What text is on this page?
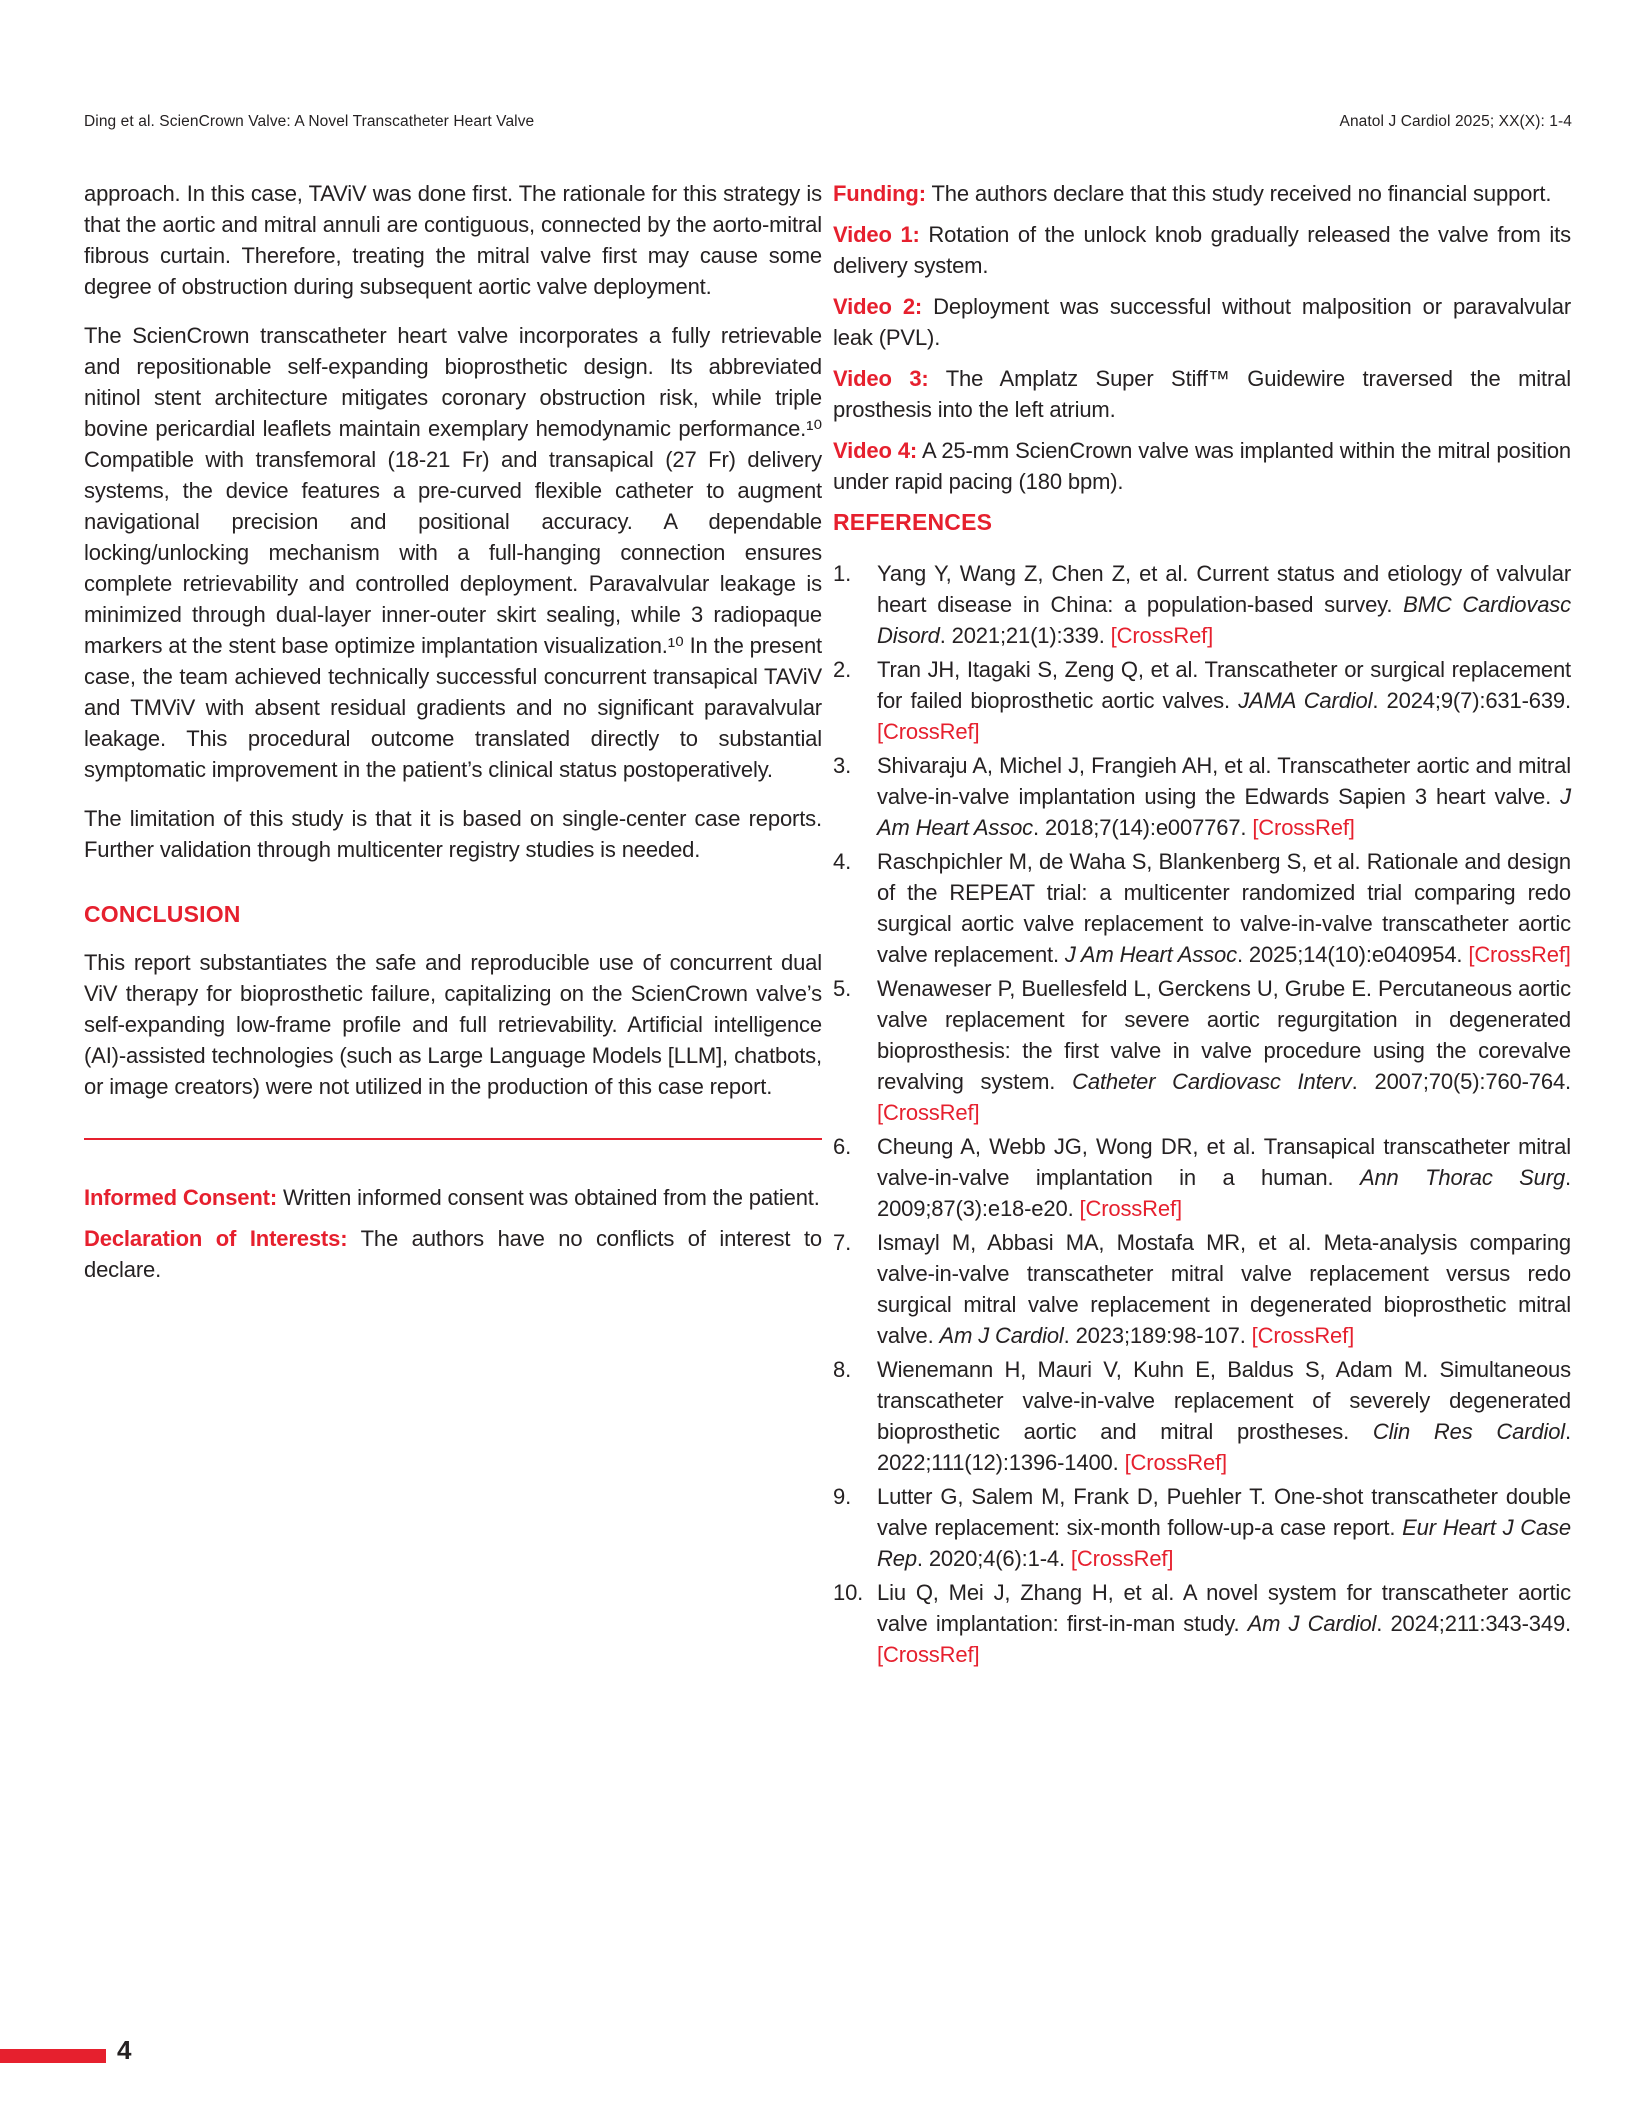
Ding et al. ScienCrown Valve: A Novel Transcatheter Heart Valve	Anatol J Cardiol 2025; XX(X): 1-4

approach. In this case, TAViV was done first. The rationale for this strategy is that the aortic and mitral annuli are contiguous, connected by the aorto-mitral fibrous curtain. Therefore, treating the mitral valve first may cause some degree of obstruction during subsequent aortic valve deployment.

The ScienCrown transcatheter heart valve incorporates a fully retrievable and repositionable self-expanding bioprosthetic design. Its abbreviated nitinol stent architecture mitigates coronary obstruction risk, while triple bovine pericardial leaflets maintain exemplary hemodynamic performance.¹⁰ Compatible with transfemoral (18-21 Fr) and transapical (27 Fr) delivery systems, the device features a pre-curved flexible catheter to augment navigational precision and positional accuracy. A dependable locking/unlocking mechanism with a full-hanging connection ensures complete retrievability and controlled deployment. Paravalvular leakage is minimized through dual-layer inner-outer skirt sealing, while 3 radiopaque markers at the stent base optimize implantation visualization.¹⁰ In the present case, the team achieved technically successful concurrent transapical TAViV and TMViV with absent residual gradients and no significant paravalvular leakage. This procedural outcome translated directly to substantial symptomatic improvement in the patient’s clinical status postoperatively.

The limitation of this study is that it is based on single-center case reports. Further validation through multicenter registry studies is needed.

CONCLUSION

This report substantiates the safe and reproducible use of concurrent dual ViV therapy for bioprosthetic failure, capitalizing on the ScienCrown valve’s self-expanding low-frame profile and full retrievability. Artificial intelligence (AI)-assisted technologies (such as Large Language Models [LLM], chatbots, or image creators) were not utilized in the production of this case report.

Informed Consent: Written informed consent was obtained from the patient.

Declaration of Interests: The authors have no conflicts of interest to declare.

Funding: The authors declare that this study received no financial support.

Video 1: Rotation of the unlock knob gradually released the valve from its delivery system.

Video 2: Deployment was successful without malposition or paravalvular leak (PVL).

Video 3: The Amplatz Super Stiff™ Guidewire traversed the mitral prosthesis into the left atrium.

Video 4: A 25-mm ScienCrown valve was implanted within the mitral position under rapid pacing (180 bpm).

REFERENCES
1. Yang Y, Wang Z, Chen Z, et al. Current status and etiology of valvular heart disease in China: a population-based survey. BMC Cardiovasc Disord. 2021;21(1):339. [CrossRef]
2. Tran JH, Itagaki S, Zeng Q, et al. Transcatheter or surgical replacement for failed bioprosthetic aortic valves. JAMA Cardiol. 2024;9(7):631-639. [CrossRef]
3. Shivaraju A, Michel J, Frangieh AH, et al. Transcatheter aortic and mitral valve-in-valve implantation using the Edwards Sapien 3 heart valve. J Am Heart Assoc. 2018;7(14):e007767. [CrossRef]
4. Raschpichler M, de Waha S, Blankenberg S, et al. Rationale and design of the REPEAT trial: a multicenter randomized trial comparing redo surgical aortic valve replacement to valve-in-valve transcatheter aortic valve replacement. J Am Heart Assoc. 2025;14(10):e040954. [CrossRef]
5. Wenaweser P, Buellesfeld L, Gerckens U, Grube E. Percutaneous aortic valve replacement for severe aortic regurgitation in degenerated bioprosthesis: the first valve in valve procedure using the corevalve revalving system. Catheter Cardiovasc Interv. 2007;70(5):760-764. [CrossRef]
6. Cheung A, Webb JG, Wong DR, et al. Transapical transcatheter mitral valve-in-valve implantation in a human. Ann Thorac Surg. 2009;87(3):e18-e20. [CrossRef]
7. Ismayl M, Abbasi MA, Mostafa MR, et al. Meta-analysis comparing valve-in-valve transcatheter mitral valve replacement versus redo surgical mitral valve replacement in degenerated bioprosthetic mitral valve. Am J Cardiol. 2023;189:98-107. [CrossRef]
8. Wienemann H, Mauri V, Kuhn E, Baldus S, Adam M. Simultaneous transcatheter valve-in-valve replacement of severely degenerated bioprosthetic aortic and mitral prostheses. Clin Res Cardiol. 2022;111(12):1396-1400. [CrossRef]
9. Lutter G, Salem M, Frank D, Puehler T. One-shot transcatheter double valve replacement: six-month follow-up-a case report. Eur Heart J Case Rep. 2020;4(6):1-4. [CrossRef]
10. Liu Q, Mei J, Zhang H, et al. A novel system for transcatheter aortic valve implantation: first-in-man study. Am J Cardiol. 2024;211:343-349. [CrossRef]
4
